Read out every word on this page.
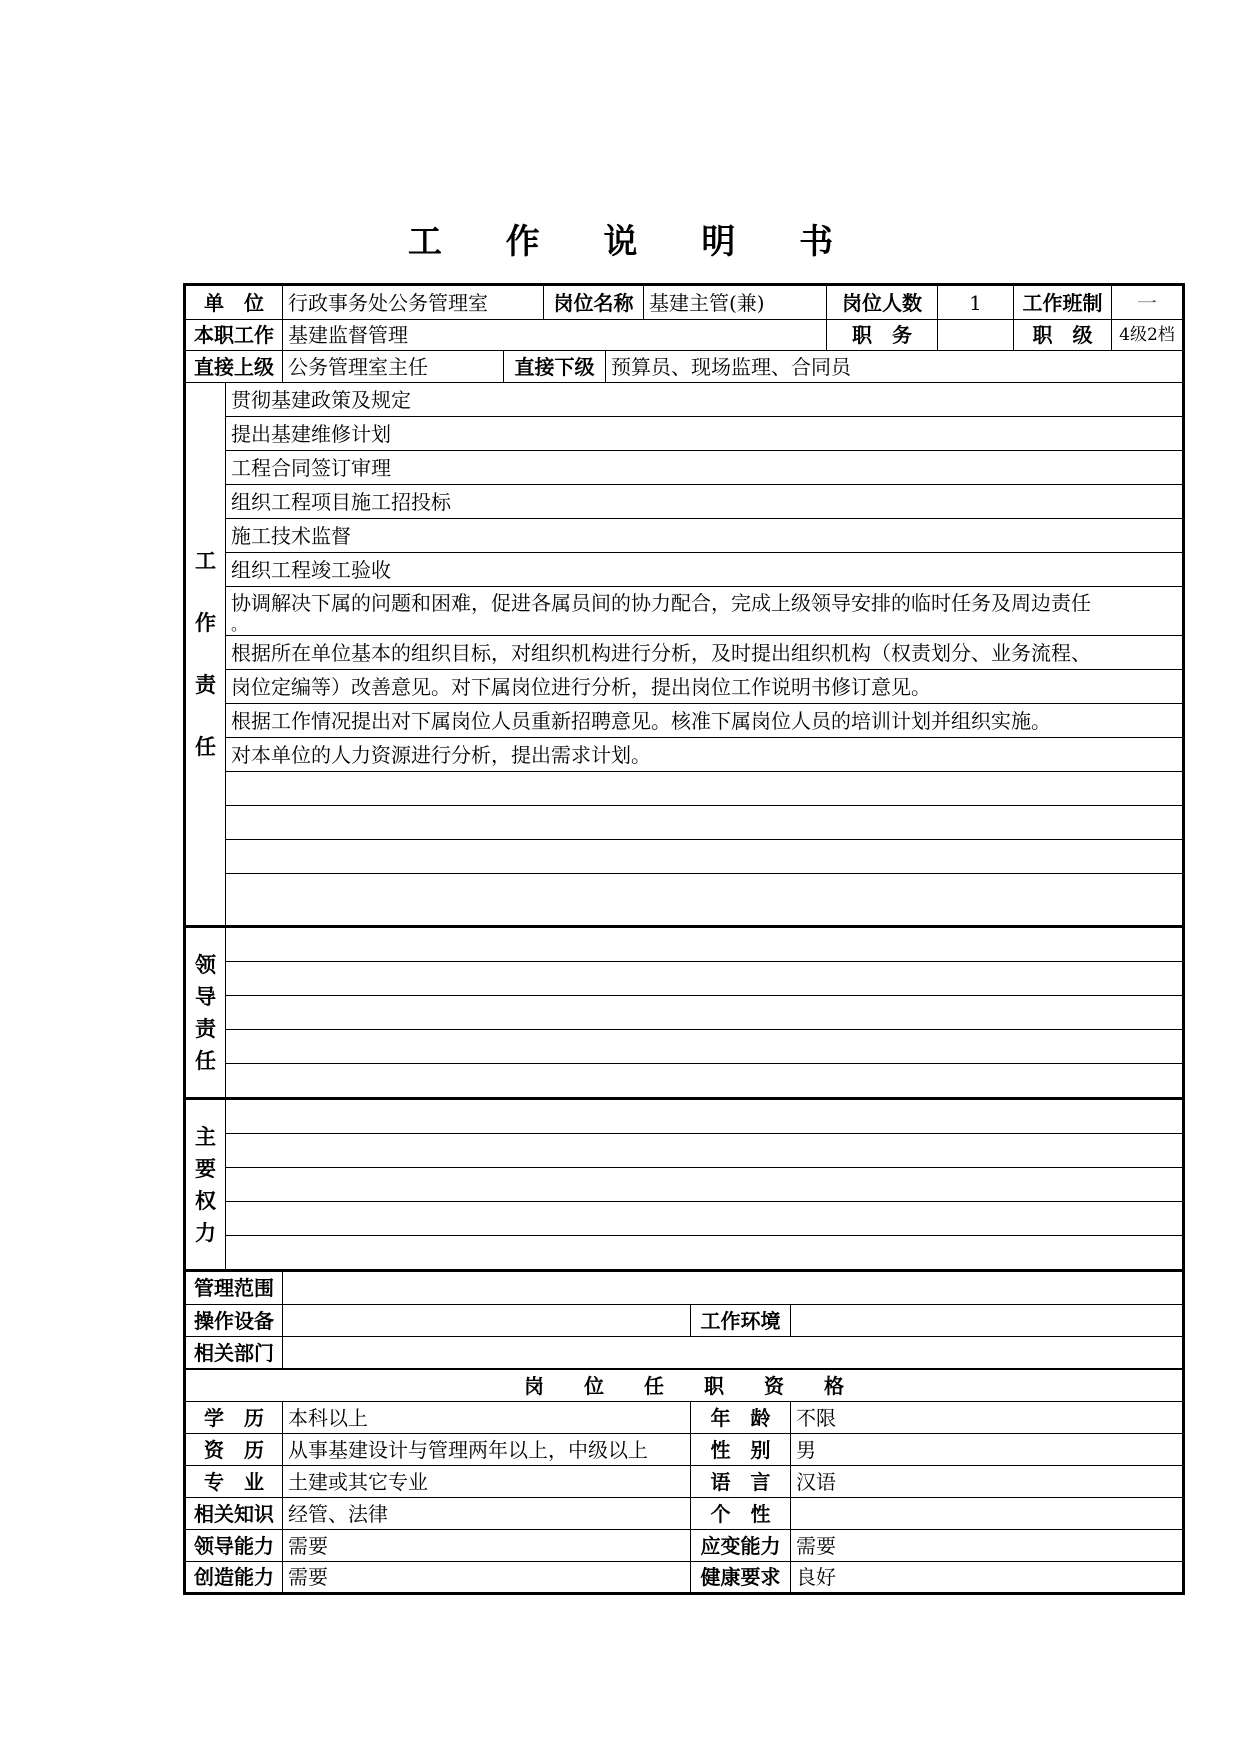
工 作 说 明 书
单　位	行政事务处公务管理室	岗位名称 基建主管(兼)	岗位人数	1	工作班制	一
本职工作 基建监督管理	职　务	职　级	4级2档
直接上级 公务管理室主任	直接下级 预算员、现场监理、合同员
工
作
责
任
贯彻基建政策及规定
提出基建维修计划
工程合同签订审理
组织工程项目施工招投标
施工技术监督
组织工程竣工验收
协调解决下属的问题和困难，促进各属员间的协力配合，完成上级领导安排的临时任务及周边责任
。
根据所在单位基本的组织目标，对组织机构进行分析，及时提出组织机构（权责划分、业务流程、
岗位定编等）改善意见。对下属岗位进行分析，提出岗位工作说明书修订意见。
根据工作情况提出对下属岗位人员重新招聘意见。核准下属岗位人员的培训计划并组织实施。
对本单位的人力资源进行分析，提出需求计划。
领
导
责
任
主
要
权
力
管理范围
操作设备	工作环境
相关部门
岗　　位　　任　　职　　资　　格
学　历	本科以上	年　龄	不限
资　历	从事基建设计与管理两年以上，中级以上	性　别	男
专　业	土建或其它专业	语　言	汉语
相关知识 经管、法律	个　性
领导能力 需要	应变能力 需要
创造能力 需要	健康要求 良好
